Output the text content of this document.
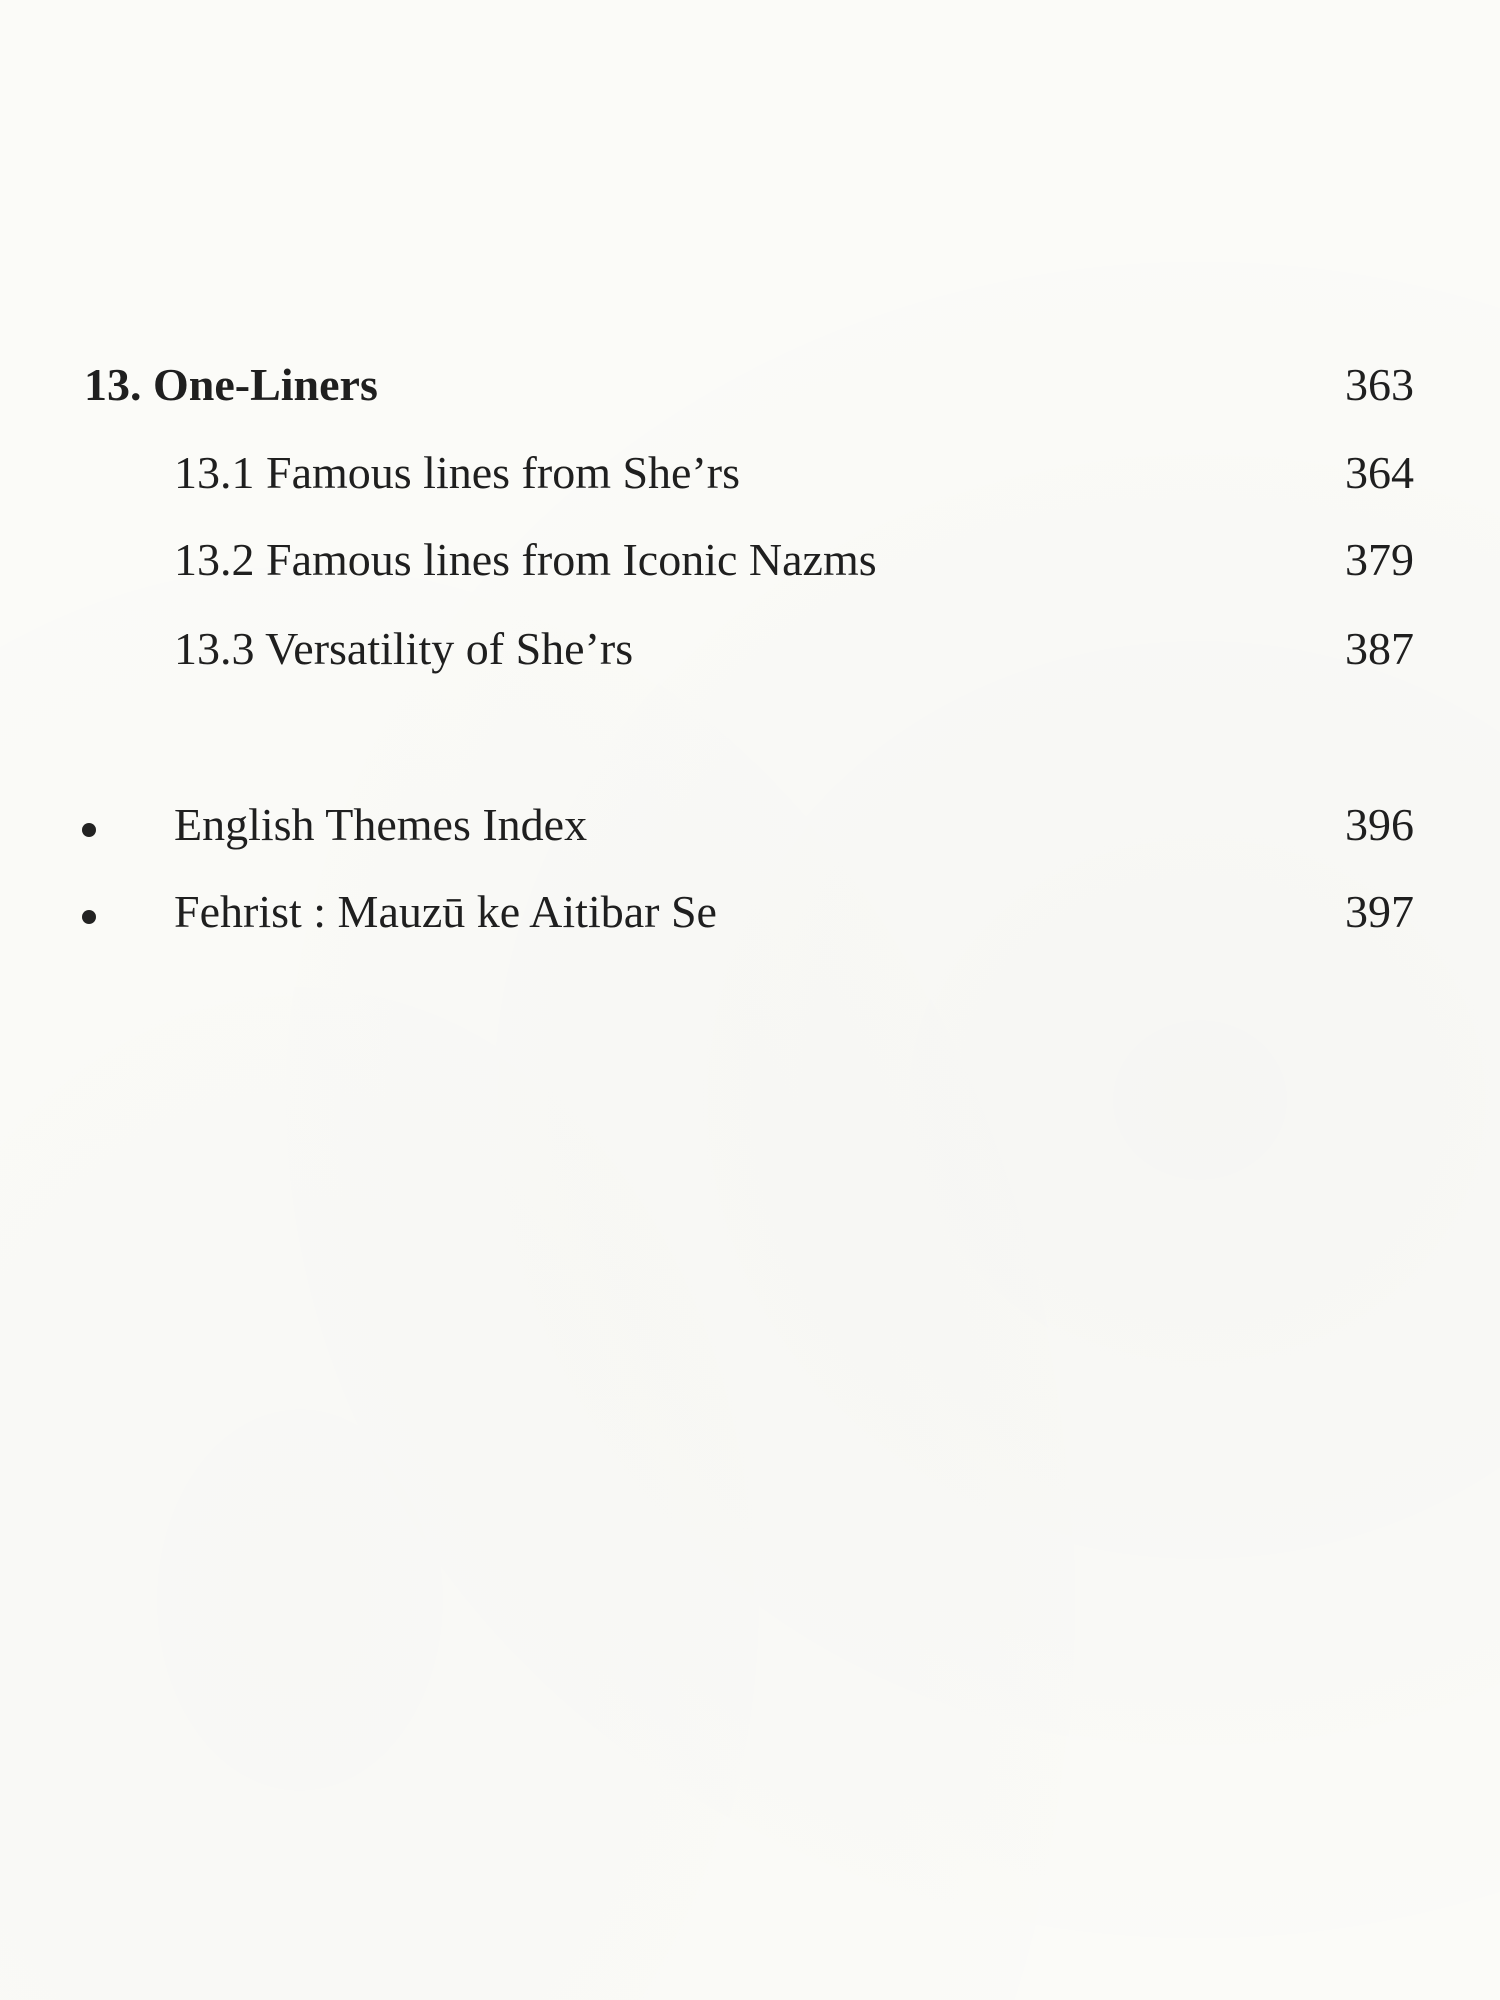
13. One-Liners	363
13.1 Famous lines from She’rs	364
13.2 Famous lines from Iconic Nazms	379
13.3 Versatility of She’rs	387
English Themes Index	396
Fehrist : Mauzū ke Aitibar Se	397
